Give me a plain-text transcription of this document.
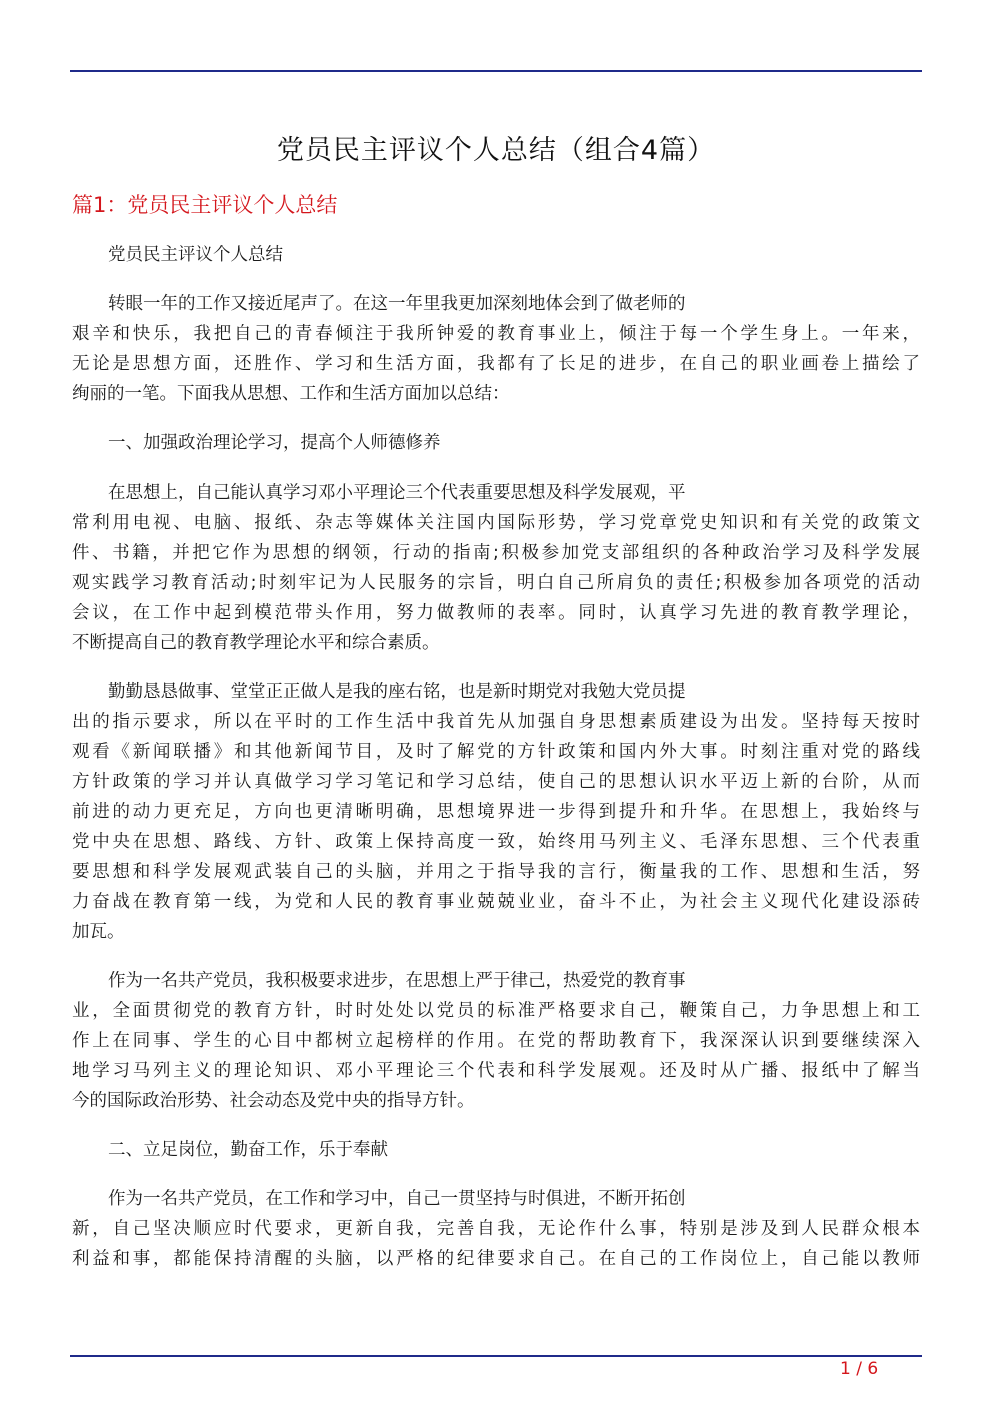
党员民主评议个人总结（组合4篇）
篇1：党员民主评议个人总结
党员民主评议个人总结
转眼一年的工作又接近尾声了。在这一年里我更加深刻地体会到了做老师的
艰辛和快乐，我把自己的青春倾注于我所钟爱的教育事业上，倾注于每一个学生身上。一年来，
无论是思想方面，还胜作、学习和生活方面，我都有了长足的进步，在自己的职业画卷上描绘了
绚丽的一笔。下面我从思想、工作和生活方面加以总结：
一、加强政治理论学习，提高个人师德修养
在思想上，自己能认真学习邓小平理论三个代表重要思想及科学发展观，平
常利用电视、电脑、报纸、杂志等媒体关注国内国际形势，学习党章党史知识和有关党的政策文
件、书籍，并把它作为思想的纲领，行动的指南;积极参加党支部组织的各种政治学习及科学发展
观实践学习教育活动;时刻牢记为人民服务的宗旨，明白自己所肩负的责任;积极参加各项党的活动
会议，在工作中起到模范带头作用，努力做教师的表率。同时，认真学习先进的教育教学理论，
不断提高自己的教育教学理论水平和综合素质。
勤勤恳恳做事、堂堂正正做人是我的座右铭，也是新时期党对我勉大党员提
出的指示要求，所以在平时的工作生活中我首先从加强自身思想素质建设为出发。坚持每天按时
观看《新闻联播》和其他新闻节目，及时了解党的方针政策和国内外大事。时刻注重对党的路线
方针政策的学习并认真做学习学习笔记和学习总结，使自己的思想认识水平迈上新的台阶，从而
前进的动力更充足，方向也更清晰明确，思想境界进一步得到提升和升华。在思想上，我始终与
党中央在思想、路线、方针、政策上保持高度一致，始终用马列主义、毛泽东思想、三个代表重
要思想和科学发展观武装自己的头脑，并用之于指导我的言行，衡量我的工作、思想和生活，努
力奋战在教育第一线，为党和人民的教育事业兢兢业业，奋斗不止，为社会主义现代化建设添砖
加瓦。
作为一名共产党员，我积极要求进步，在思想上严于律己，热爱党的教育事
业，全面贯彻党的教育方针，时时处处以党员的标准严格要求自己，鞭策自己，力争思想上和工
作上在同事、学生的心目中都树立起榜样的作用。在党的帮助教育下，我深深认识到要继续深入
地学习马列主义的理论知识、邓小平理论三个代表和科学发展观。还及时从广播、报纸中了解当
今的国际政治形势、社会动态及党中央的指导方针。
二、立足岗位，勤奋工作，乐于奉献
作为一名共产党员，在工作和学习中，自己一贯坚持与时俱进，不断开拓创
新，自己坚决顺应时代要求，更新自我，完善自我，无论作什么事，特别是涉及到人民群众根本
利益和事，都能保持清醒的头脑，以严格的纪律要求自己。在自己的工作岗位上，自己能以教师
1 / 6
